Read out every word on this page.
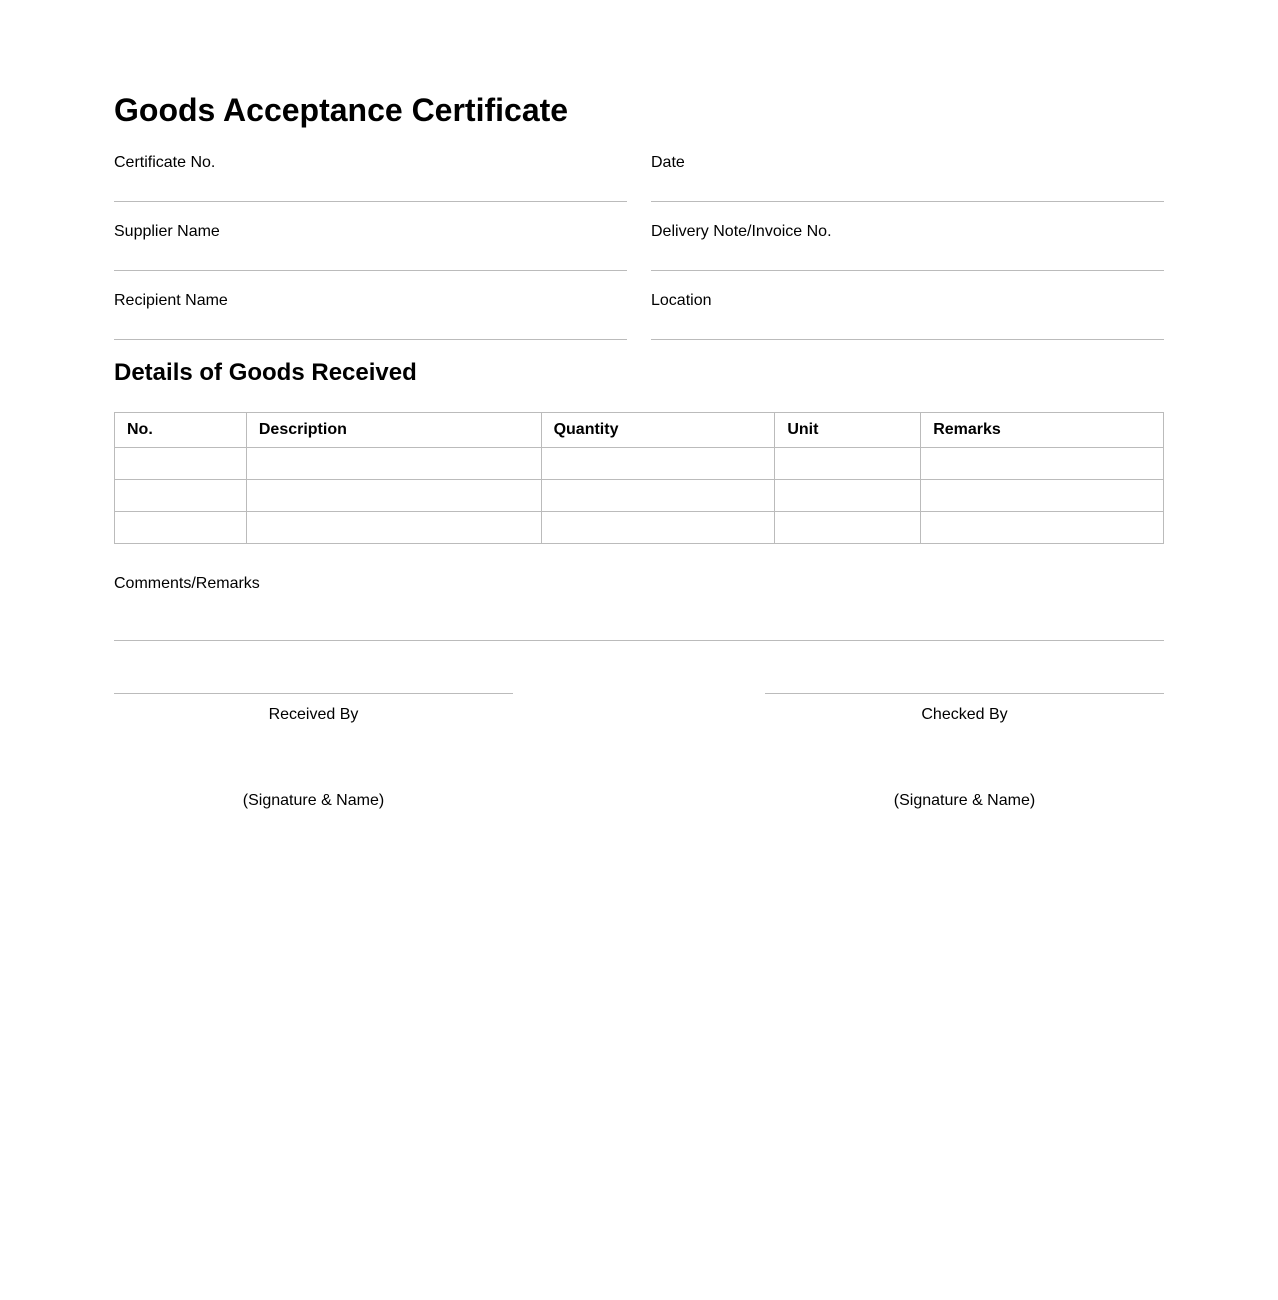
Goods Acceptance Certificate
Certificate No.	Date
Supplier Name	Delivery Note/Invoice No.
Recipient Name	Location
Details of Goods Received
No.	Description	Quantity	Unit	Remarks

Comments/Remarks
Received By
(Signature & Name)
Checked By
(Signature & Name)
